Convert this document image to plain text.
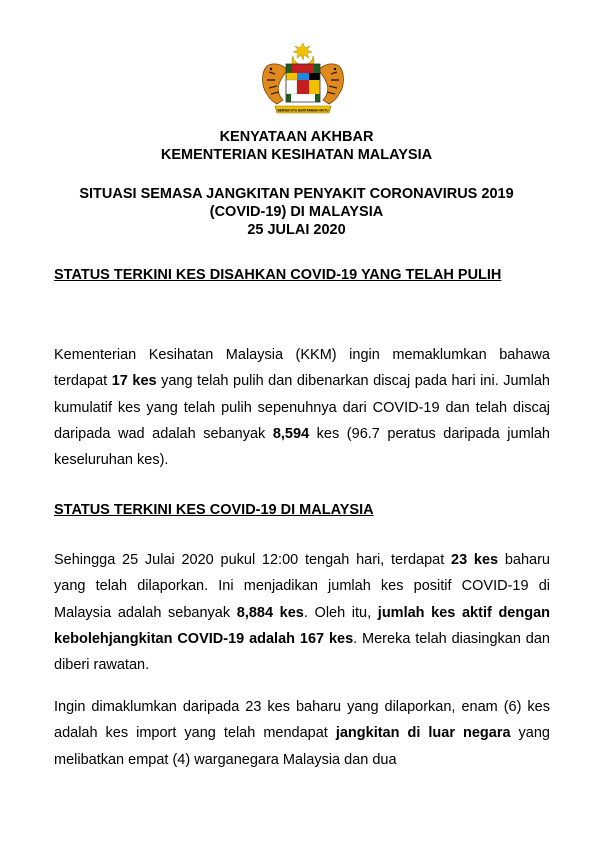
BERSEKUTU BERTAMBAH MUTU
KENYATAAN AKHBAR
KEMENTERIAN KESIHATAN MALAYSIA
SITUASI SEMASA JANGKITAN PENYAKIT CORONAVIRUS 2019
(COVID-19) DI MALAYSIA
25 JULAI 2020
STATUS TERKINI KES DISAHKAN COVID-19 YANG TELAH PULIH
Kementerian Kesihatan Malaysia (KKM) ingin memaklumkan bahawa terdapat 17 kes yang telah pulih dan dibenarkan discaj pada hari ini. Jumlah kumulatif kes yang telah pulih sepenuhnya dari COVID-19 dan telah discaj daripada wad adalah sebanyak 8,594 kes (96.7 peratus daripada jumlah keseluruhan kes).
STATUS TERKINI KES COVID-19 DI MALAYSIA
Sehingga 25 Julai 2020 pukul 12:00 tengah hari, terdapat 23 kes baharu yang telah dilaporkan. Ini menjadikan jumlah kes positif COVID-19 di Malaysia adalah sebanyak 8,884 kes. Oleh itu, jumlah kes aktif dengan kebolehjangkitan COVID-19 adalah 167 kes. Mereka telah diasingkan dan diberi rawatan.
Ingin dimaklumkan daripada 23 kes baharu yang dilaporkan, enam (6) kes adalah kes import yang telah mendapat jangkitan di luar negara yang melibatkan empat (4) warganegara Malaysia dan dua
